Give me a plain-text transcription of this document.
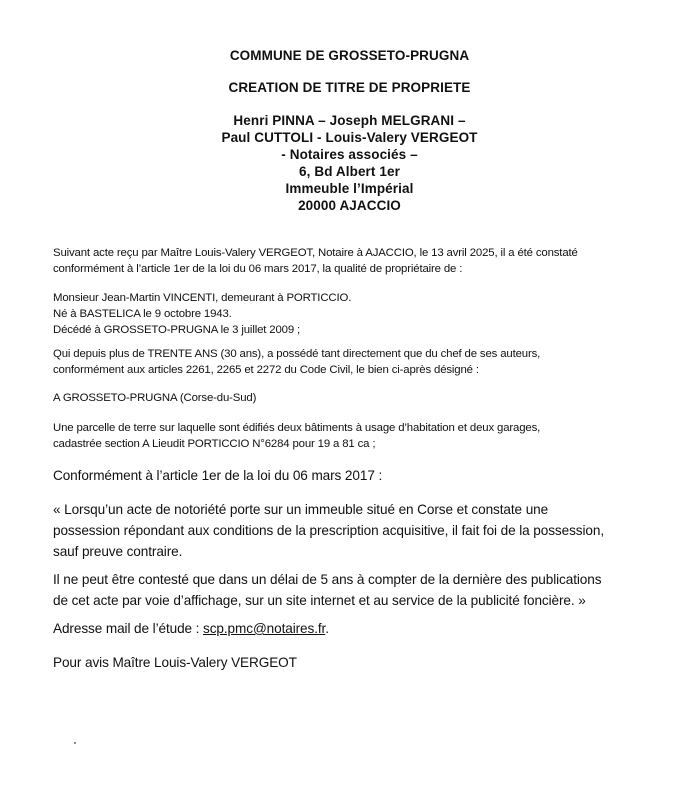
COMMUNE DE GROSSETO-PRUGNA
CREATION DE TITRE DE PROPRIETE
Henri PINNA – Joseph MELGRANI –
Paul CUTTOLI - Louis-Valery VERGEOT
- Notaires associés –
6, Bd Albert 1er
Immeuble l’Impérial
20000 AJACCIO
Suivant acte reçu par Maître Louis-Valery VERGEOT, Notaire à AJACCIO, le 13 avril 2025, il a été constaté
conformément à l’article 1er de la loi du 06 mars 2017, la qualité de propriétaire de :
Monsieur Jean-Martin VINCENTI, demeurant à PORTICCIO.
Né à BASTELICA le 9 octobre 1943.
Décédé à GROSSETO-PRUGNA le 3 juillet 2009 ;
Qui depuis plus de TRENTE ANS (30 ans), a possédé tant directement que du chef de ses auteurs,
conformément aux articles 2261, 2265 et 2272 du Code Civil, le bien ci-après désigné :
A GROSSETO-PRUGNA (Corse-du-Sud)
Une parcelle de terre sur laquelle sont édifiés deux bâtiments à usage d’habitation et deux garages,
cadastrée section A Lieudit PORTICCIO N°6284 pour 19 a 81 ca ;
Conformément à l’article 1er de la loi du 06 mars 2017 :
« Lorsqu’un acte de notoriété porte sur un immeuble situé en Corse et constate une
possession répondant aux conditions de la prescription acquisitive, il fait foi de la possession,
sauf preuve contraire.
Il ne peut être contesté que dans un délai de 5 ans à compter de la dernière des publications
de cet acte par voie d’affichage, sur un site internet et au service de la publicité foncière. »
Adresse mail de l’étude : scp.pmc@notaires.fr.
Pour avis Maître Louis-Valery VERGEOT
